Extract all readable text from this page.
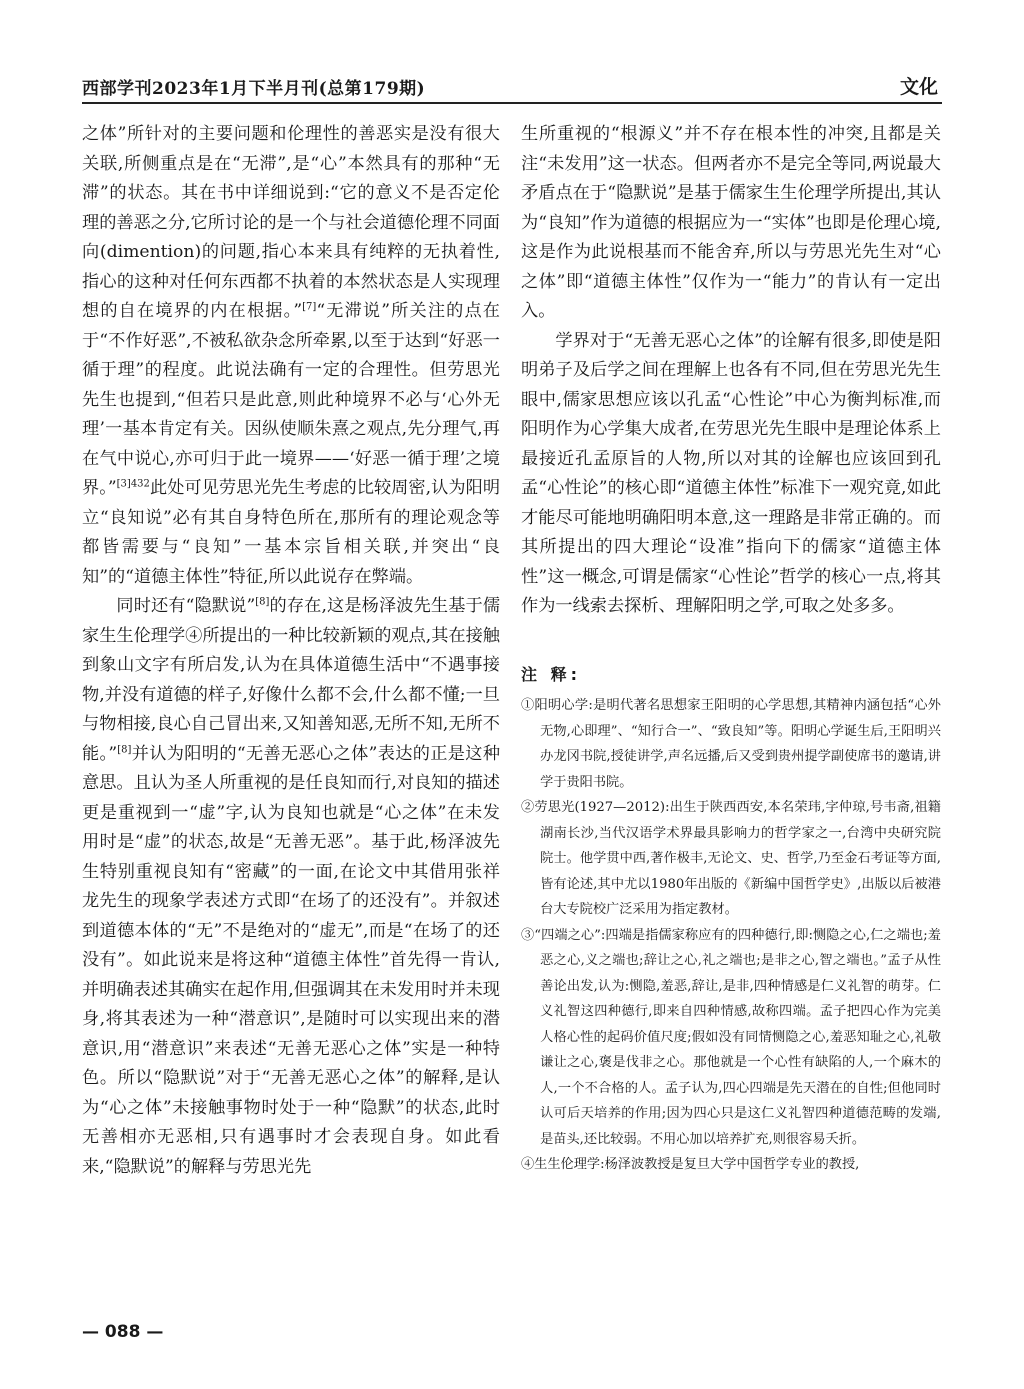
西部学刊2023年1月下半月刊(总第179期)	文化

之体”所针对的主要问题和伦理性的善恶实是没有很大关联,所侧重点是在“无滞”,是“心”本然具有的那种“无滞”的状态。其在书中详细说到:“它的意义不是否定伦理的善恶之分,它所讨论的是一个与社会道德伦理不同面向(dimention)的问题,指心本来具有纯粹的无执着性,指心的这种对任何东西都不执着的本然状态是人实现理想的自在境界的内在根据。”[7]“无滞说”所关注的点在于“不作好恶”,不被私欲杂念所牵累,以至于达到“好恶一循于理”的程度。此说法确有一定的合理性。但劳思光先生也提到,“但若只是此意,则此种境界不必与‘心外无理’一基本肯定有关。因纵使顺朱熹之观点,先分理气,再在气中说心,亦可归于此一境界——‘好恶一循于理’之境界。”$^{[3]432}$此处可见劳思光先生考虑的比较周密,认为阳明立“良知说”必有其自身特色所在,那所有的理论观念等都皆需要与“良知”一基本宗旨相关联,并突出“良知”的“道德主体性”特征,所以此说存在弊端。

同时还有“隐默说”[8]的存在,这是杨泽波先生基于儒家生生伦理学④所提出的一种比较新颖的观点,其在接触到象山文字有所启发,认为在具体道德生活中“不遇事接物,并没有道德的样子,好像什么都不会,什么都不懂;一旦与物相接,良心自己冒出来,又知善知恶,无所不知,无所不能。”[8]并认为阳明的“无善无恶心之体”表达的正是这种意思。且认为圣人所重视的是任良知而行,对良知的描述更是重视到一“虚”字,认为良知也就是“心之体”在未发用时是“虚”的状态,故是“无善无恶”。基于此,杨泽波先生特别重视良知有“密藏”的一面,在论文中其借用张祥龙先生的现象学表述方式即“在场了的还没有”。并叙述到道德本体的“无”不是绝对的“虚无”,而是“在场了的还没有”。如此说来是将这种“道德主体性”首先得一肯认,并明确表述其确实在起作用,但强调其在未发用时并未现身,将其表述为一种“潜意识”,是随时可以实现出来的潜意识,用“潜意识”来表述“无善无恶心之体”实是一种特色。所以“隐默说”对于“无善无恶心之体”的解释,是认为“心之体”未接触事物时处于一种“隐默”的状态,此时无善相亦无恶相,只有遇事时才会表现自身。如此看来,“隐默说”的解释与劳思光先

生所重视的“根源义”并不存在根本性的冲突,且都是关注“未发用”这一状态。但两者亦不是完全等同,两说最大矛盾点在于“隐默说”是基于儒家生生伦理学所提出,其认为“良知”作为道德的根据应为一“实体”也即是伦理心境,这是作为此说根基而不能舍弃,所以与劳思光先生对“心之体”即“道德主体性”仅作为一“能力”的肯认有一定出入。

学界对于“无善无恶心之体”的诠解有很多,即使是阳明弟子及后学之间在理解上也各有不同,但在劳思光先生眼中,儒家思想应该以孔孟“心性论”中心为衡判标准,而阳明作为心学集大成者,在劳思光先生眼中是理论体系上最接近孔孟原旨的人物,所以对其的诠解也应该回到孔孟“心性论”的核心即“道德主体性”标准下一观究竟,如此才能尽可能地明确阳明本意,这一理路是非常正确的。而其所提出的四大理论“设准”指向下的儒家“道德主体性”这一概念,可谓是儒家“心性论”哲学的核心一点,将其作为一线索去探析、理解阳明之学,可取之处多多。

注 释:

①阳明心学:是明代著名思想家王阳明的心学思想,其精神内涵包括“心外无物,心即理”、“知行合一”、“致良知”等。阳明心学诞生后,王阳明兴办龙冈书院,授徒讲学,声名远播,后又受到贵州提学副使席书的邀请,讲学于贵阳书院。

②劳思光(1927—2012):出生于陕西西安,本名荣玮,字仲琼,号韦斋,祖籍湖南长沙,当代汉语学术界最具影响力的哲学家之一,台湾中央研究院院士。他学贯中西,著作极丰,无论文、史、哲学,乃至金石考证等方面,皆有论述,其中尤以1980年出版的《新编中国哲学史》,出版以后被港台大专院校广泛采用为指定教材。

③“四端之心”:四端是指儒家称应有的四种德行,即:恻隐之心,仁之端也;羞恶之心,义之端也;辞让之心,礼之端也;是非之心,智之端也。”孟子从性善论出发,认为:恻隐,羞恶,辞让,是非,四种情感是仁义礼智的萌芽。仁义礼智这四种德行,即来自四种情感,故称四端。孟子把四心作为完美人格心性的起码价值尺度;假如没有同情恻隐之心,羞恶知耻之心,礼敬谦让之心,褒是伐非之心。那他就是一个心性有缺陷的人,一个麻木的人,一个不合格的人。孟子认为,四心四端是先天潜在的自性;但他同时认可后天培养的作用;因为四心只是这仁义礼智四种道德范畴的发端,是苗头,还比较弱。不用心加以培养扩充,则很容易夭折。

④生生伦理学:杨泽波教授是复旦大学中国哲学专业的教授,

— 088 —
